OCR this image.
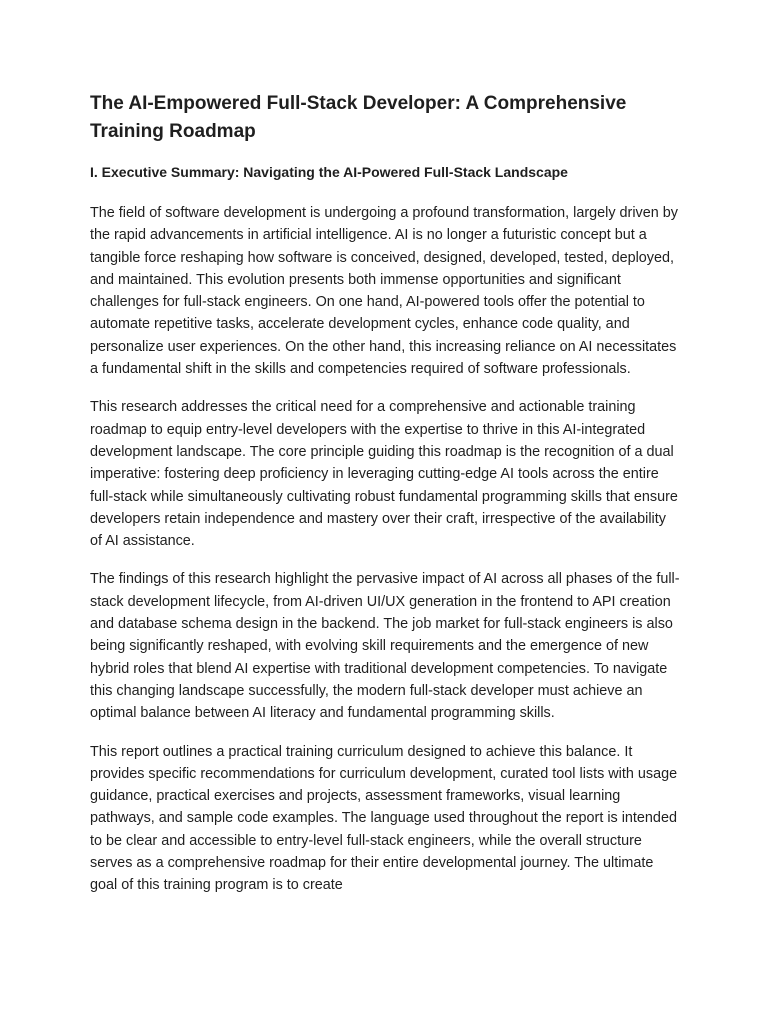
The AI-Empowered Full-Stack Developer: A Comprehensive Training Roadmap
I. Executive Summary: Navigating the AI-Powered Full-Stack Landscape

The field of software development is undergoing a profound transformation, largely driven by the rapid advancements in artificial intelligence. AI is no longer a futuristic concept but a tangible force reshaping how software is conceived, designed, developed, tested, deployed, and maintained. This evolution presents both immense opportunities and significant challenges for full-stack engineers. On one hand, AI-powered tools offer the potential to automate repetitive tasks, accelerate development cycles, enhance code quality, and personalize user experiences. On the other hand, this increasing reliance on AI necessitates a fundamental shift in the skills and competencies required of software professionals.

This research addresses the critical need for a comprehensive and actionable training roadmap to equip entry-level developers with the expertise to thrive in this AI-integrated development landscape. The core principle guiding this roadmap is the recognition of a dual imperative: fostering deep proficiency in leveraging cutting-edge AI tools across the entire full-stack while simultaneously cultivating robust fundamental programming skills that ensure developers retain independence and mastery over their craft, irrespective of the availability of AI assistance.

The findings of this research highlight the pervasive impact of AI across all phases of the full-stack development lifecycle, from AI-driven UI/UX generation in the frontend to API creation and database schema design in the backend. The job market for full-stack engineers is also being significantly reshaped, with evolving skill requirements and the emergence of new hybrid roles that blend AI expertise with traditional development competencies. To navigate this changing landscape successfully, the modern full-stack developer must achieve an optimal balance between AI literacy and fundamental programming skills.

This report outlines a practical training curriculum designed to achieve this balance. It provides specific recommendations for curriculum development, curated tool lists with usage guidance, practical exercises and projects, assessment frameworks, visual learning pathways, and sample code examples. The language used throughout the report is intended to be clear and accessible to entry-level full-stack engineers, while the overall structure serves as a comprehensive roadmap for their entire developmental journey. The ultimate goal of this training program is to create
